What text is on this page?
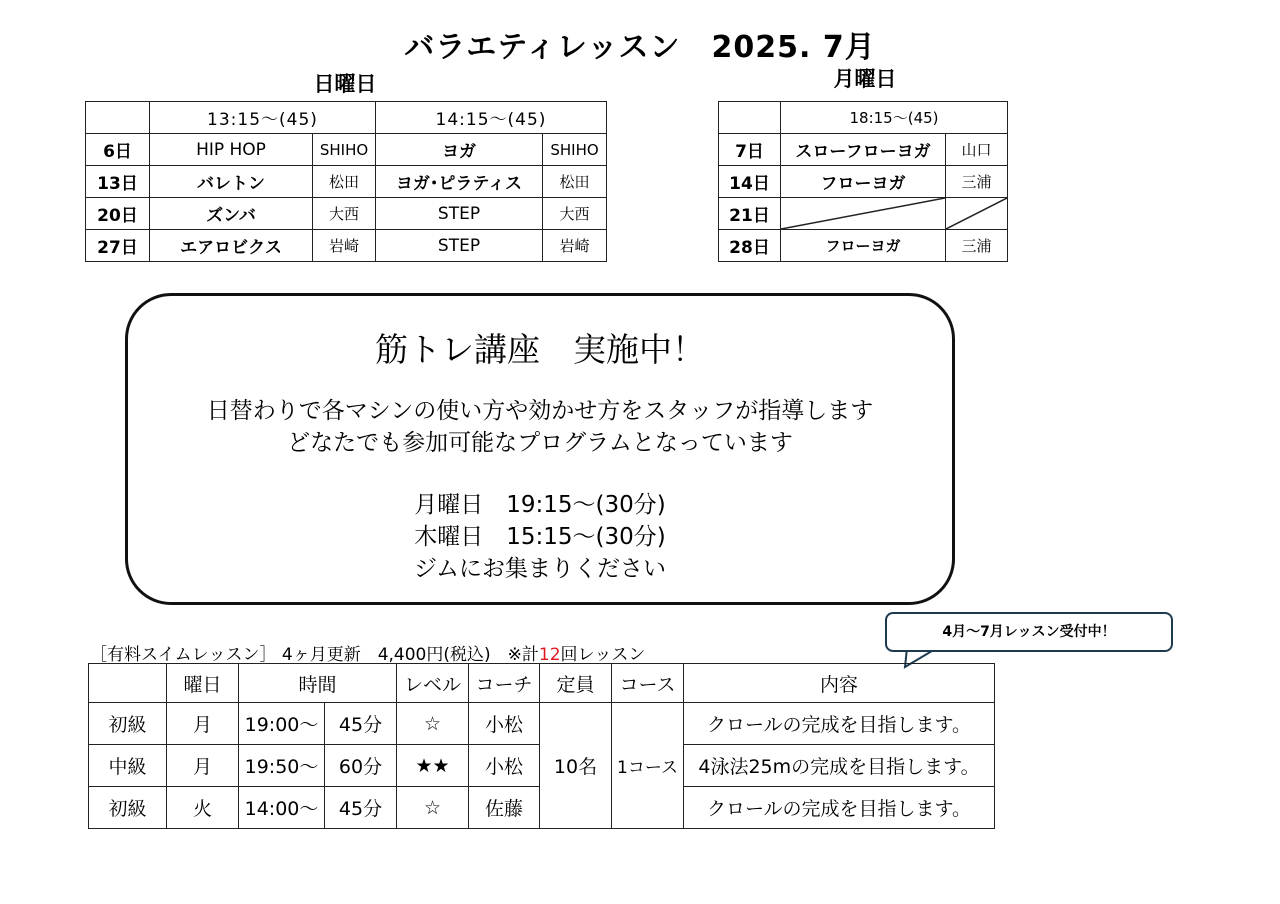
バラエティレッスン　2025. 7月
日曜日
	13:15〜(45)		14:15〜(45)	
6日	HIP HOP	SHIHO	ヨガ	SHIHO
13日	バレトン	松田	ヨガ･ピラティス	松田
20日	ズンバ	大西	STEP	大西
27日	エアロビクス	岩崎	STEP	岩崎
月曜日
	18:15〜(45)	
7日	スローフローヨガ	山口
14日	フローヨガ	三浦
21日	

28日	フローヨガ	三浦
筋トレ講座　実施中！
日替わりで各マシンの使い方や効かせ方をスタッフが指導します
どなたでも参加可能なプログラムとなっています
月曜日　19:15〜(30分)
木曜日　15:15〜(30分)
ジムにお集まりください
［有料スイムレッスン］ 4ヶ月更新　4,400円(税込)　※計12回レッスン
4月〜7月レッスン受付中！
	曜日	時間		レベル	コーチ	定員	コース	内容
初級	月	19:00〜	45分	☆	小松	10名	1コース	クロールの完成を目指します。
中級	月	19:50〜	60分	★★	小松			4泳法25mの完成を目指します。
初級	火	14:00〜	45分	☆	佐藤			クロールの完成を目指します。
